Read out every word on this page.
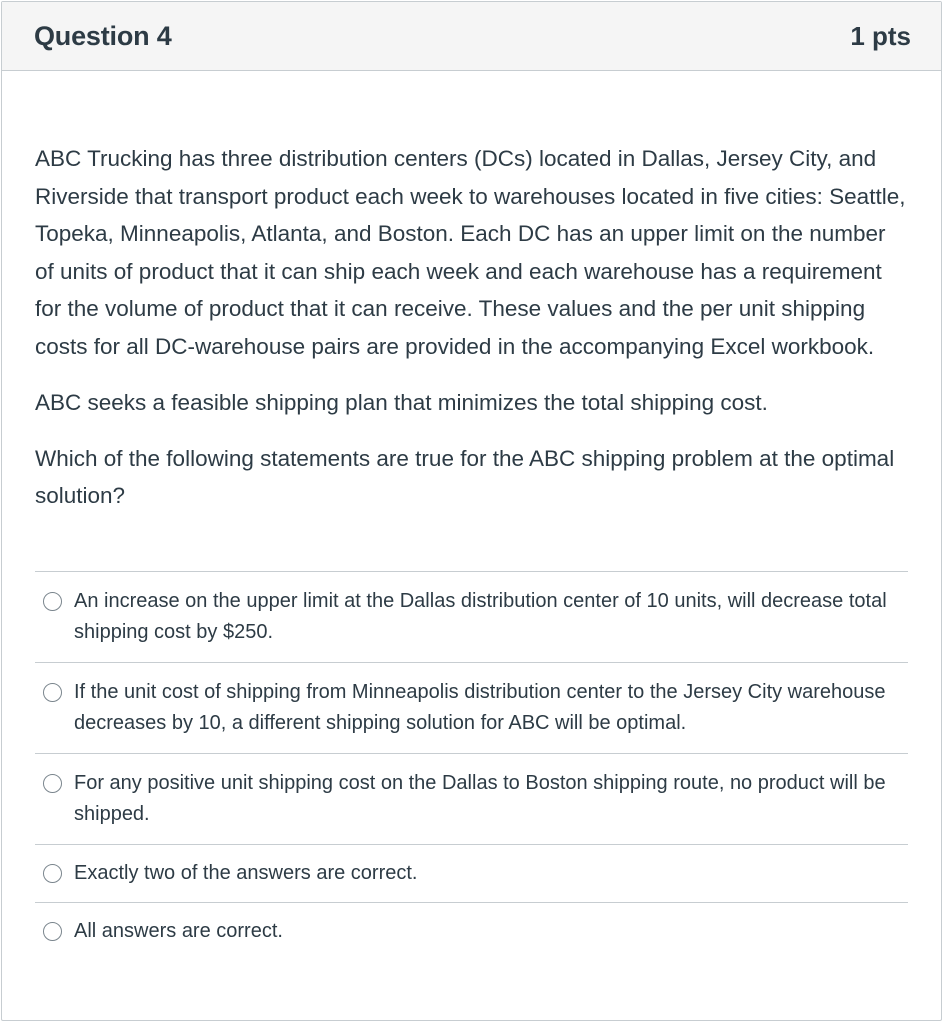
Question 4	1 pts

ABC Trucking has three distribution centers (DCs) located in Dallas, Jersey City, and Riverside that transport product each week to warehouses located in five cities: Seattle, Topeka, Minneapolis, Atlanta, and Boston. Each DC has an upper limit on the number of units of product that it can ship each week and each warehouse has a requirement for the volume of product that it can receive. These values and the per unit shipping costs for all DC-warehouse pairs are provided in the accompanying Excel workbook.

ABC seeks a feasible shipping plan that minimizes the total shipping cost.

Which of the following statements are true for the ABC shipping problem at the optimal solution?

An increase on the upper limit at the Dallas distribution center of 10 units, will decrease total shipping cost by $250.
If the unit cost of shipping from Minneapolis distribution center to the Jersey City warehouse decreases by 10, a different shipping solution for ABC will be optimal.
For any positive unit shipping cost on the Dallas to Boston shipping route, no product will be shipped.
Exactly two of the answers are correct.
All answers are correct.
